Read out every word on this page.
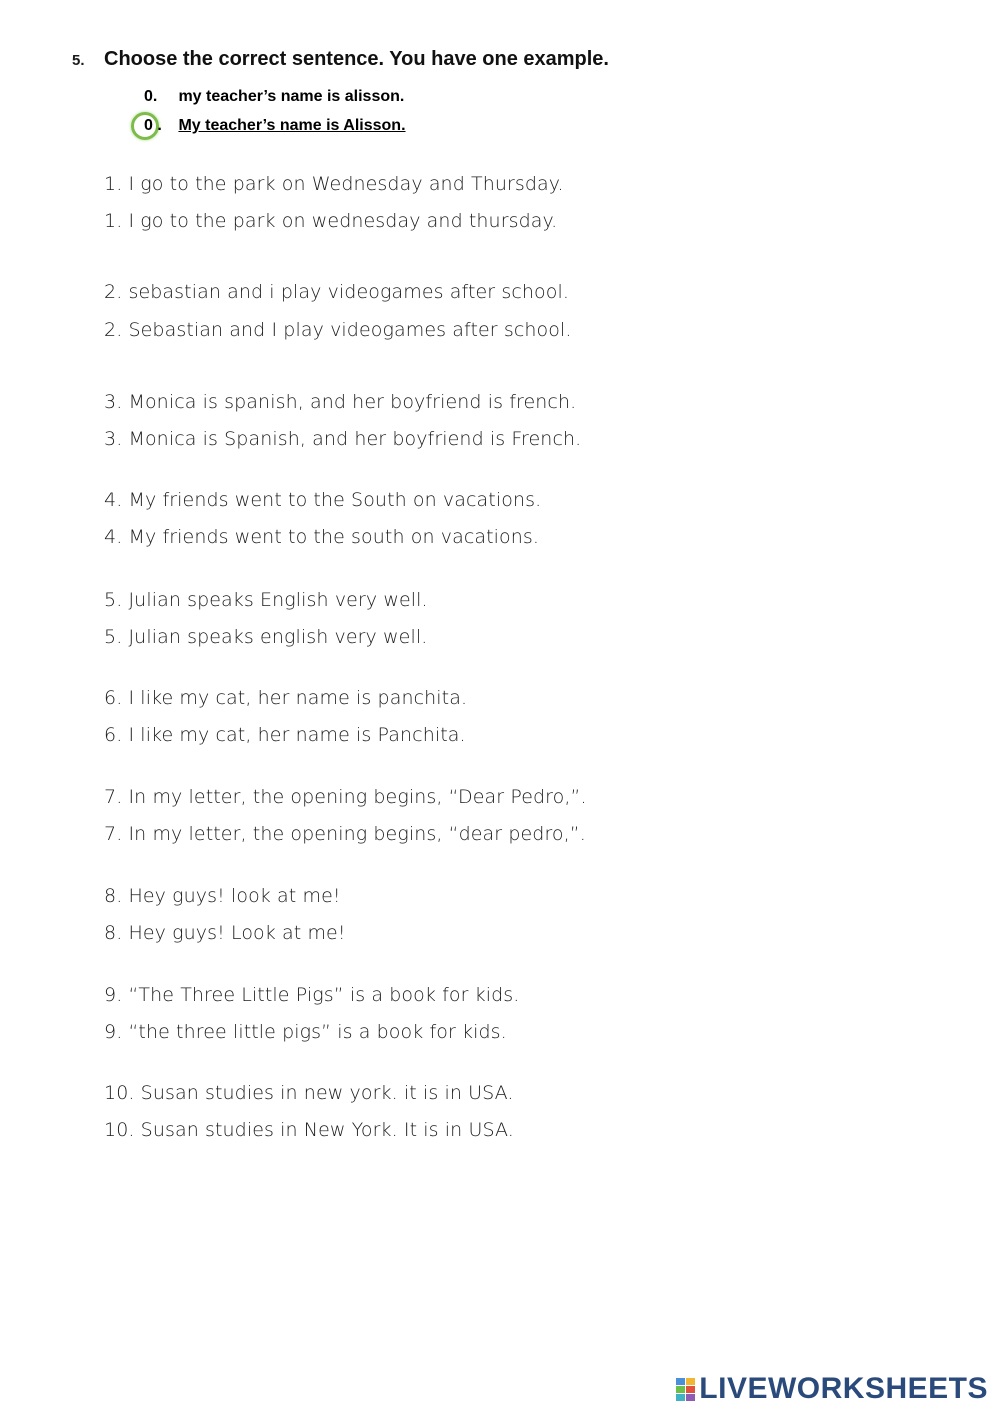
5. Choose the correct sentence. You have one example.
0. my teacher’s name is alisson.
0 . My teacher’s name is Alisson.
1. I go to the park on Wednesday and Thursday.
1. I go to the park on wednesday and thursday.
2. sebastian and i play videogames after school.
2. Sebastian and I play videogames after school.
3. Monica is spanish, and her boyfriend is french.
3. Monica is Spanish, and her boyfriend is French.
4. My friends went to the South on vacations.
4. My friends went to the south on vacations.
5. Julian speaks English very well.
5. Julian speaks english very well.
6. I like my cat, her name is panchita.
6. I like my cat, her name is Panchita.
7. In my letter, the opening begins, “Dear Pedro,”.
7. In my letter, the opening begins, “dear pedro,”.
8. Hey guys! look at me!
8. Hey guys! Look at me!
9. “The Three Little Pigs” is a book for kids.
9. “the three little pigs” is a book for kids.
10. Susan studies in new york. it is in USA.
10. Susan studies in New York. It is in USA.
LIVEWORKSHEETS
